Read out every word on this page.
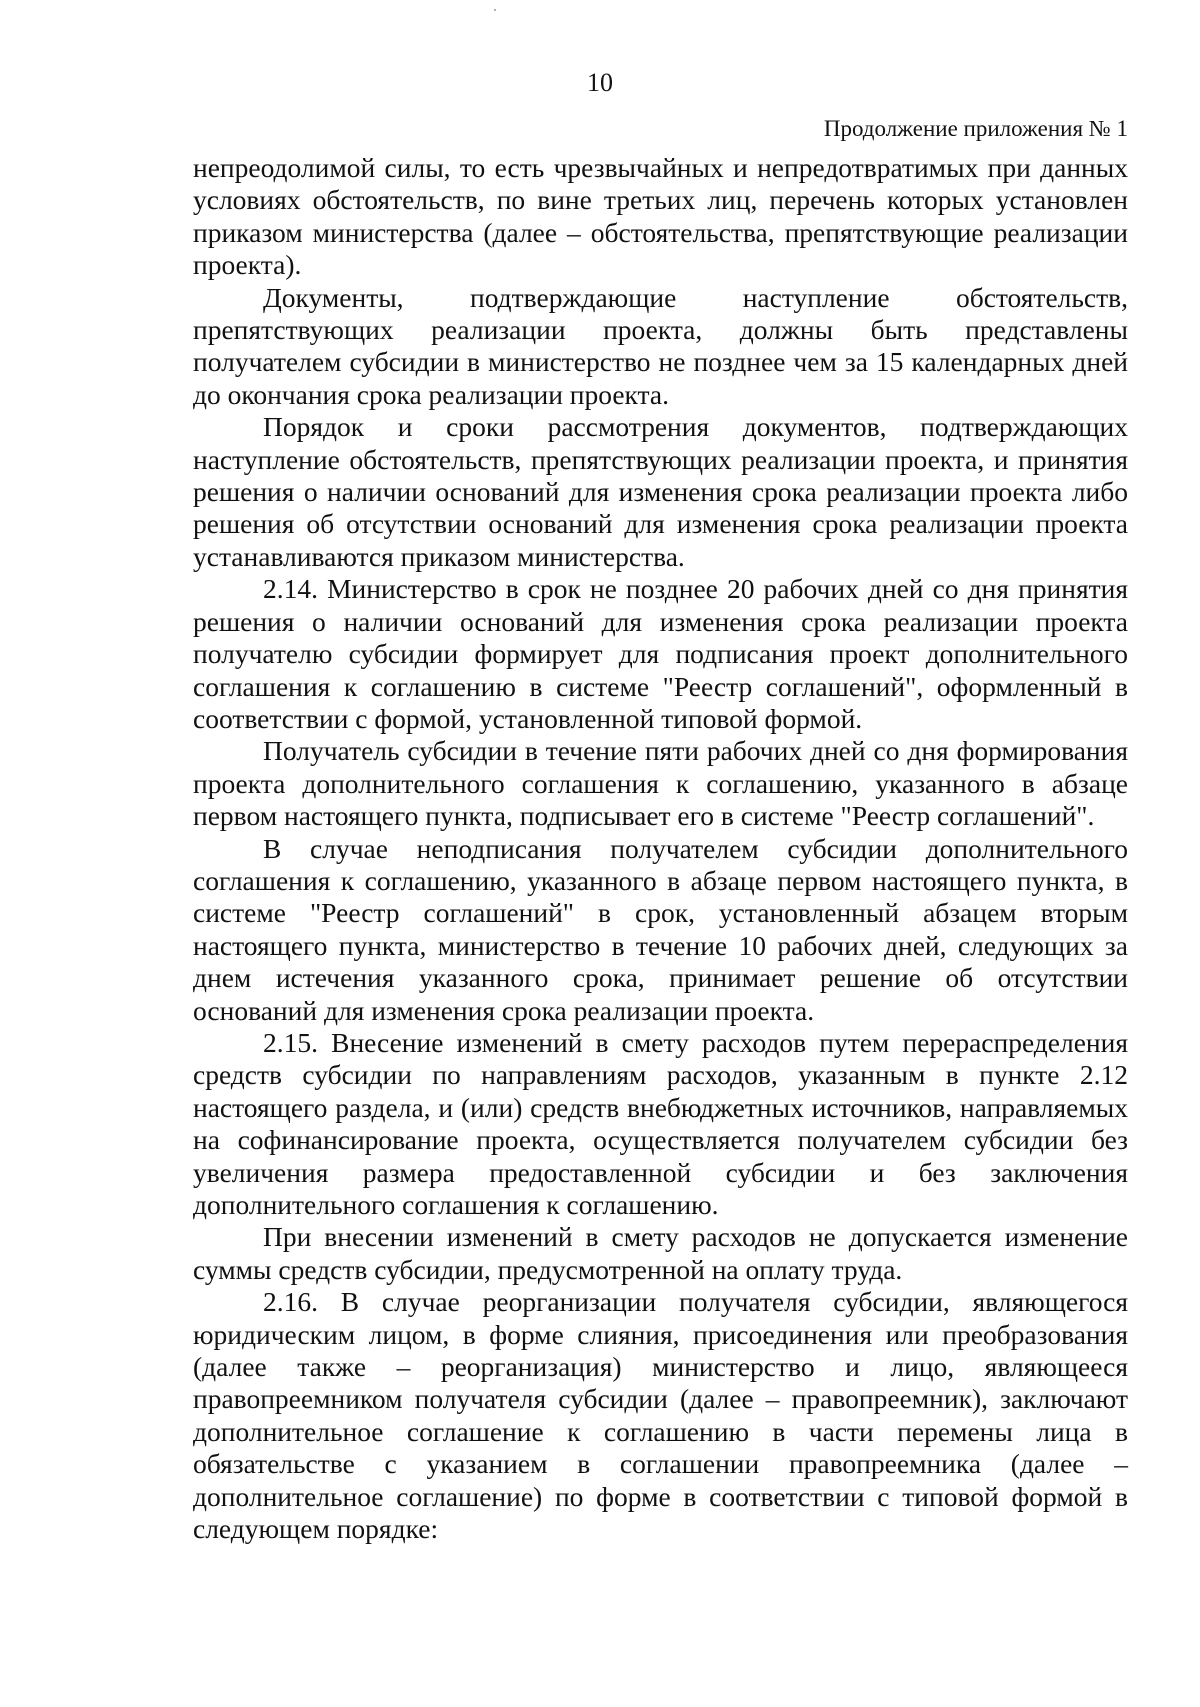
10
Продолжение приложения № 1

непреодолимой силы, то есть чрезвычайных и непредотвратимых при данных условиях обстоятельств, по вине третьих лиц, перечень которых установлен приказом министерства (далее – обстоятельства, препятствующие реализации проекта).

Документы, подтверждающие наступление обстоятельств, препятствующих реализации проекта, должны быть представлены получателем субсидии в министерство не позднее чем за 15 календарных дней до окончания срока реализации проекта.

Порядок и сроки рассмотрения документов, подтверждающих наступление обстоятельств, препятствующих реализации проекта, и принятия решения о наличии оснований для изменения срока реализации проекта либо решения об отсутствии оснований для изменения срока реализации проекта устанавливаются приказом министерства.

2.14. Министерство в срок не позднее 20 рабочих дней со дня принятия решения о наличии оснований для изменения срока реализации проекта получателю субсидии формирует для подписания проект дополнительного соглашения к соглашению в системе "Реестр соглашений", оформленный в соответствии с формой, установленной типовой формой.

Получатель субсидии в течение пяти рабочих дней со дня формирования проекта дополнительного соглашения к соглашению, указанного в абзаце первом настоящего пункта, подписывает его в системе "Реестр соглашений".

В случае неподписания получателем субсидии дополнительного соглашения к соглашению, указанного в абзаце первом настоящего пункта, в системе "Реестр соглашений" в срок, установленный абзацем вторым настоящего пункта, министерство в течение 10 рабочих дней, следующих за днем истечения указанного срока, принимает решение об отсутствии оснований для изменения срока реализации проекта.

2.15. Внесение изменений в смету расходов путем перераспределения средств субсидии по направлениям расходов, указанным в пункте 2.12 настоящего раздела, и (или) средств внебюджетных источников, направляемых на софинансирование проекта, осуществляется получателем субсидии без увеличения размера предоставленной субсидии и без заключения дополнительного соглашения к соглашению.

При внесении изменений в смету расходов не допускается изменение суммы средств субсидии, предусмотренной на оплату труда.

2.16. В случае реорганизации получателя субсидии, являющегося юридическим лицом, в форме слияния, присоединения или преобразования (далее также – реорганизация) министерство и лицо, являющееся правопреемником получателя субсидии (далее – правопреемник), заключают дополнительное соглашение к соглашению в части перемены лица в обязательстве с указанием в соглашении правопреемника (далее – дополнительное соглашение) по форме в соответствии с типовой формой в следующем порядке:
